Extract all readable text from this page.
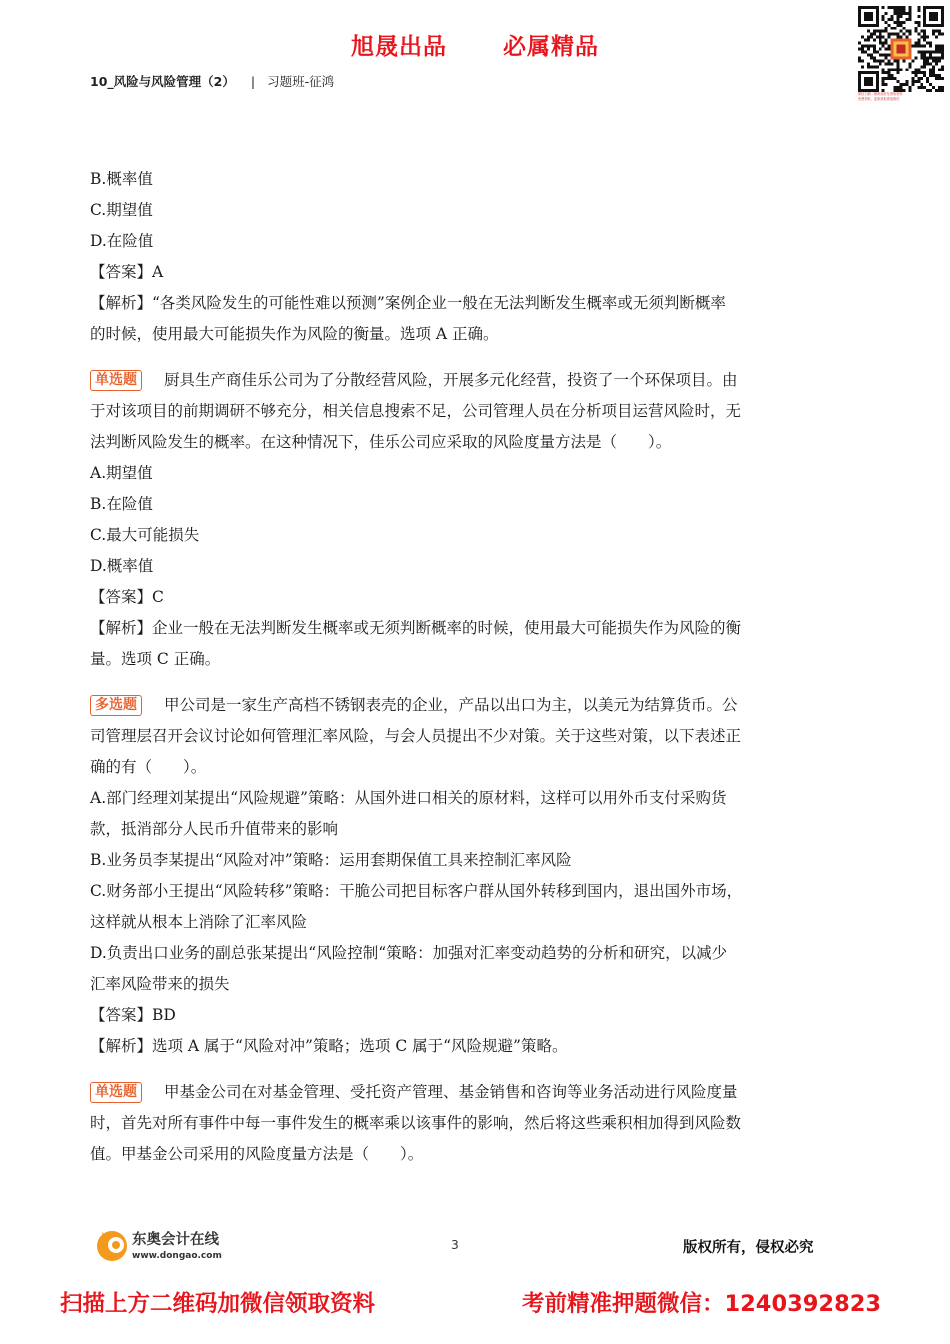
旭晟出品 必属精品
10_风险与风险管理（2） | 习题班-征鸿
微信扫描二维码加好友领取资料
免费领取，更新获取请加微信
B.概率值
C.期望值
D.在险值
【答案】A
【解析】“各类风险发生的可能性难以预测”案例企业一般在无法判断发生概率或无须判断概率
的时候，使用最大可能损失作为风险的衡量。选项 A 正确。
单选题 厨具生产商佳乐公司为了分散经营风险，开展多元化经营，投资了一个环保项目。由
于对该项目的前期调研不够充分，相关信息搜索不足，公司管理人员在分析项目运营风险时，无
法判断风险发生的概率。在这种情况下，佳乐公司应采取的风险度量方法是（　　）。
A.期望值
B.在险值
C.最大可能损失
D.概率值
【答案】C
【解析】企业一般在无法判断发生概率或无须判断概率的时候，使用最大可能损失作为风险的衡
量。选项 C 正确。
多选题 甲公司是一家生产高档不锈钢表壳的企业，产品以出口为主，以美元为结算货币。公
司管理层召开会议讨论如何管理汇率风险，与会人员提出不少对策。关于这些对策，以下表述正
确的有（　　）。
A.部门经理刘某提出“风险规避”策略：从国外进口相关的原材料，这样可以用外币支付采购货
款，抵消部分人民币升值带来的影响
B.业务员李某提出“风险对冲”策略：运用套期保值工具来控制汇率风险
C.财务部小王提出“风险转移”策略：干脆公司把目标客户群从国外转移到国内，退出国外市场，
这样就从根本上消除了汇率风险
D.负责出口业务的副总张某提出“风险控制“策略：加强对汇率变动趋势的分析和研究，以减少
汇率风险带来的损失
【答案】BD
【解析】选项 A 属于“风险对冲”策略；选项 C 属于“风险规避”策略。
单选题 甲基金公司在对基金管理、受托资产管理、基金销售和咨询等业务活动进行风险度量
时，首先对所有事件中每一事件发生的概率乘以该事件的影响，然后将这些乘积相加得到风险数
值。甲基金公司采用的风险度量方法是（　　）。
东奥会计在线
www.dongao.com
3	版权所有，侵权必究
扫描上方二维码加微信领取资料	考前精准押题微信：1240392823
